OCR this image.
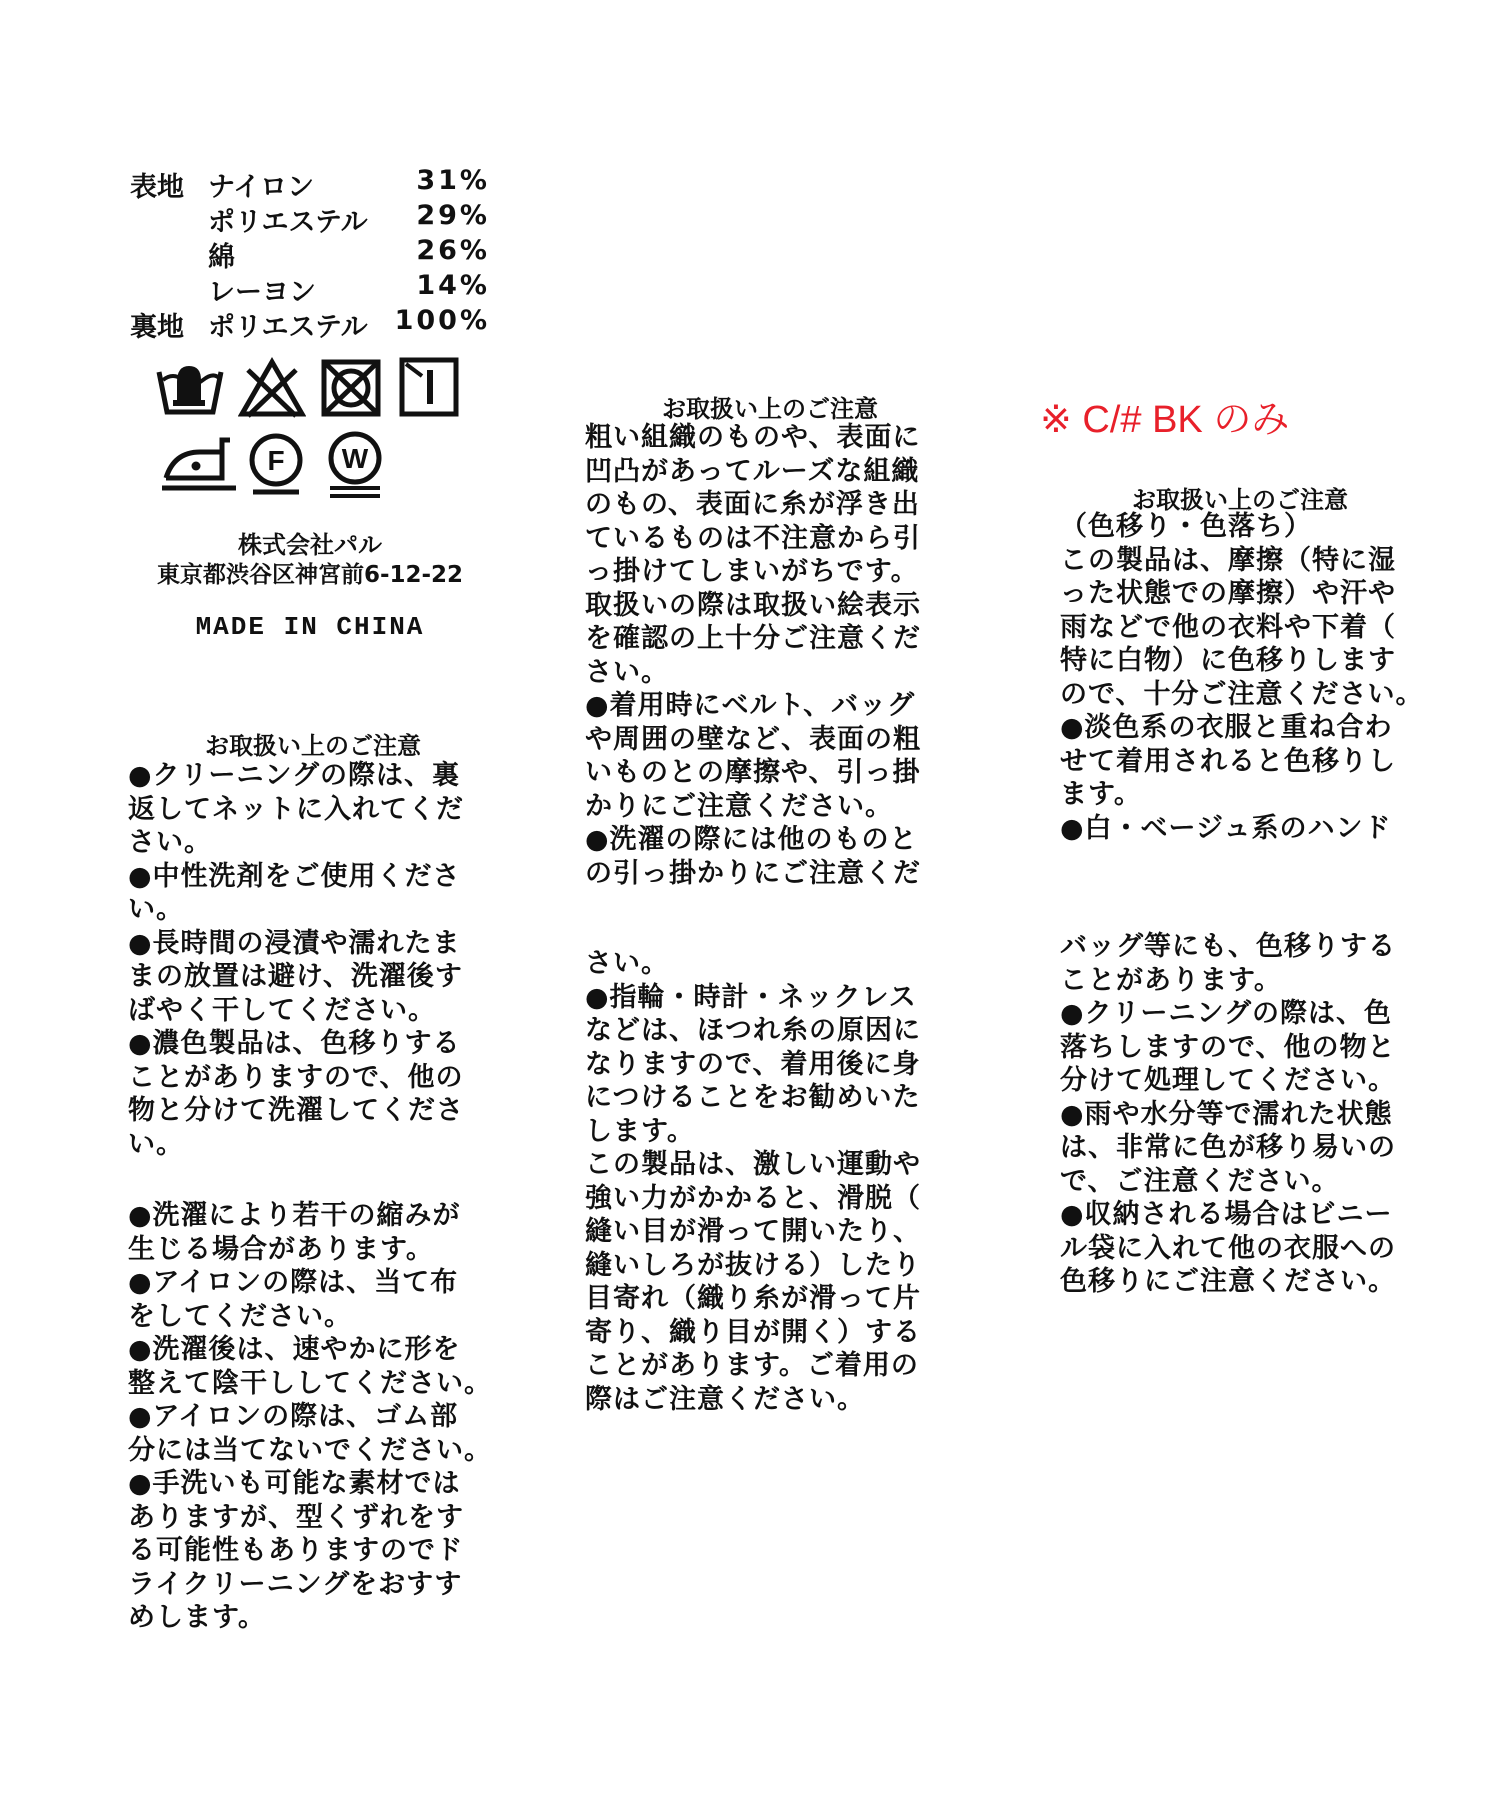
表地 ナイロン	31%
ポリエステル 29%
綿	26%
レーヨン	14%
裏地 ポリエステル 100%
F W
株式会社パル
東京都渋谷区神宮前6-12-22
MADE IN CHINA
お取扱い上のご注意
●クリーニングの際は、裏
返してネットに入れてくだ
さい。
●中性洗剤をご使用くださ
い。
●長時間の浸漬や濡れたま
まの放置は避け、洗濯後す
ばやく干してください。
●濃色製品は、色移りする
ことがありますので、他の
物と分けて洗濯してくださ
い。
●洗濯により若干の縮みが
生じる場合があります。
●アイロンの際は、当て布
をしてください。
●洗濯後は、速やかに形を
整えて陰干ししてください。
●アイロンの際は、ゴム部
分には当てないでください。
●手洗いも可能な素材では
ありますが、型くずれをす
る可能性もありますのでド
ライクリーニングをおすす
めします。
お取扱い上のご注意
粗い組織のものや、表面に
凹凸があってルーズな組織
のもの、表面に糸が浮き出
ているものは不注意から引
っ掛けてしまいがちです。
取扱いの際は取扱い絵表示
を確認の上十分ご注意くだ
さい。
●着用時にベルト、バッグ
や周囲の壁など、表面の粗
いものとの摩擦や、引っ掛
かりにご注意ください。
●洗濯の際には他のものと
の引っ掛かりにご注意くだ
さい。
●指輪・時計・ネックレス
などは、ほつれ糸の原因に
なりますので、着用後に身
につけることをお勧めいた
します。
この製品は、激しい運動や
強い力がかかると、滑脱（
縫い目が滑って開いたり、
縫いしろが抜ける）したり
目寄れ（織り糸が滑って片
寄り、織り目が開く）する
ことがあります。ご着用の
際はご注意ください。
※ C/# BK のみ
お取扱い上のご注意
（色移り・色落ち）
この製品は、摩擦（特に湿
った状態での摩擦）や汗や
雨などで他の衣料や下着（
特に白物）に色移りします
ので、十分ご注意ください。
●淡色系の衣服と重ね合わ
せて着用されると色移りし
ます。
●白・ベージュ系のハンド
バッグ等にも、色移りする
ことがあります。
●クリーニングの際は、色
落ちしますので、他の物と
分けて処理してください。
●雨や水分等で濡れた状態
は、非常に色が移り易いの
で、ご注意ください。
●収納される場合はビニー
ル袋に入れて他の衣服への
色移りにご注意ください。
